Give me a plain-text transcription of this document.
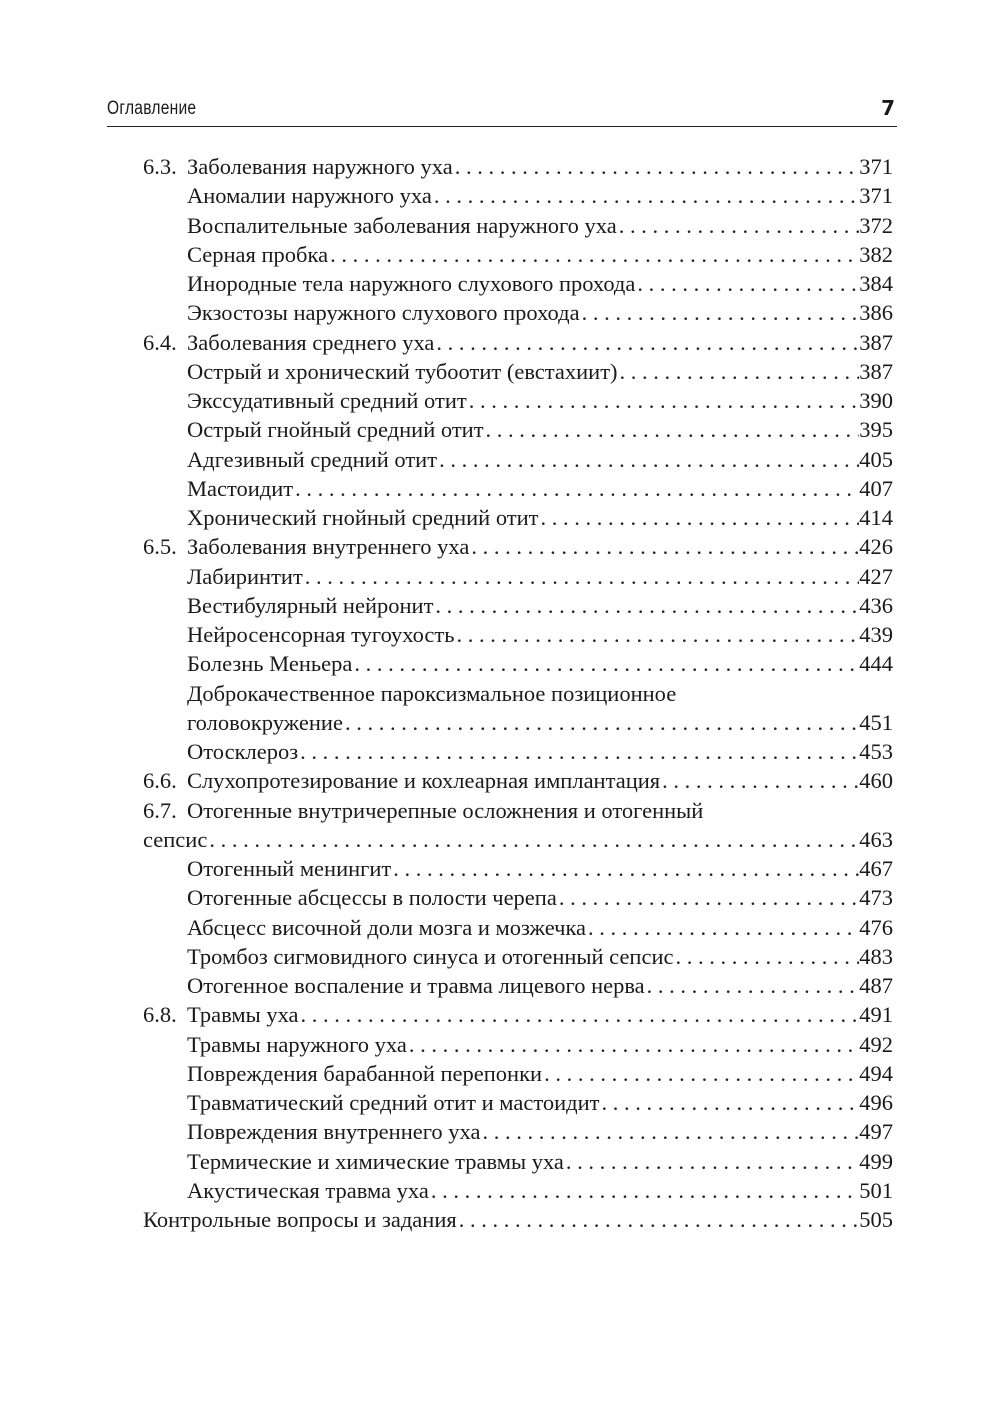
Оглавление	7
6.3. Заболевания наружного уха . . .	371
Аномалии наружного уха . . .	371
Воспалительные заболевания наружного уха . . .	372
Серная пробка . . .	382
Инородные тела наружного слухового прохода . . .	384
Экзостозы наружного слухового прохода . . .	386
6.4. Заболевания среднего уха . . .	387
Острый и хронический тубоотит (евстахиит) . . .	387
Экссудативный средний отит . . .	390
Острый гнойный средний отит . . .	395
Адгезивный средний отит . . .	405
Мастоидит . . .	407
Хронический гнойный средний отит . . .	414
6.5. Заболевания внутреннего уха . . .	426
Лабиринтит . . .	427
Вестибулярный нейронит . . .	436
Нейросенсорная тугоухость . . .	439
Болезнь Меньера . . .	444
Доброкачественное пароксизмальное позиционное
головокружение . . .	451
Отосклероз . . .	453
6.6. Слухопротезирование и кохлеарная имплантация . . .	460
6.7. Отогенные внутричерепные осложнения и отогенный
сепсис . . .	463
Отогенный менингит . . .	467
Отогенные абсцессы в полости черепа . . .	473
Абсцесс височной доли мозга и мозжечка . . .	476
Тромбоз сигмовидного синуса и отогенный сепсис . . .	483
Отогенное воспаление и травма лицевого нерва . . .	487
6.8. Травмы уха . . .	491
Травмы наружного уха . . .	492
Повреждения барабанной перепонки . . .	494
Травматический средний отит и мастоидит . . .	496
Повреждения внутреннего уха . . .	497
Термические и химические травмы уха . . .	499
Акустическая травма уха . . .	501
Контрольные вопросы и задания . . .	505
